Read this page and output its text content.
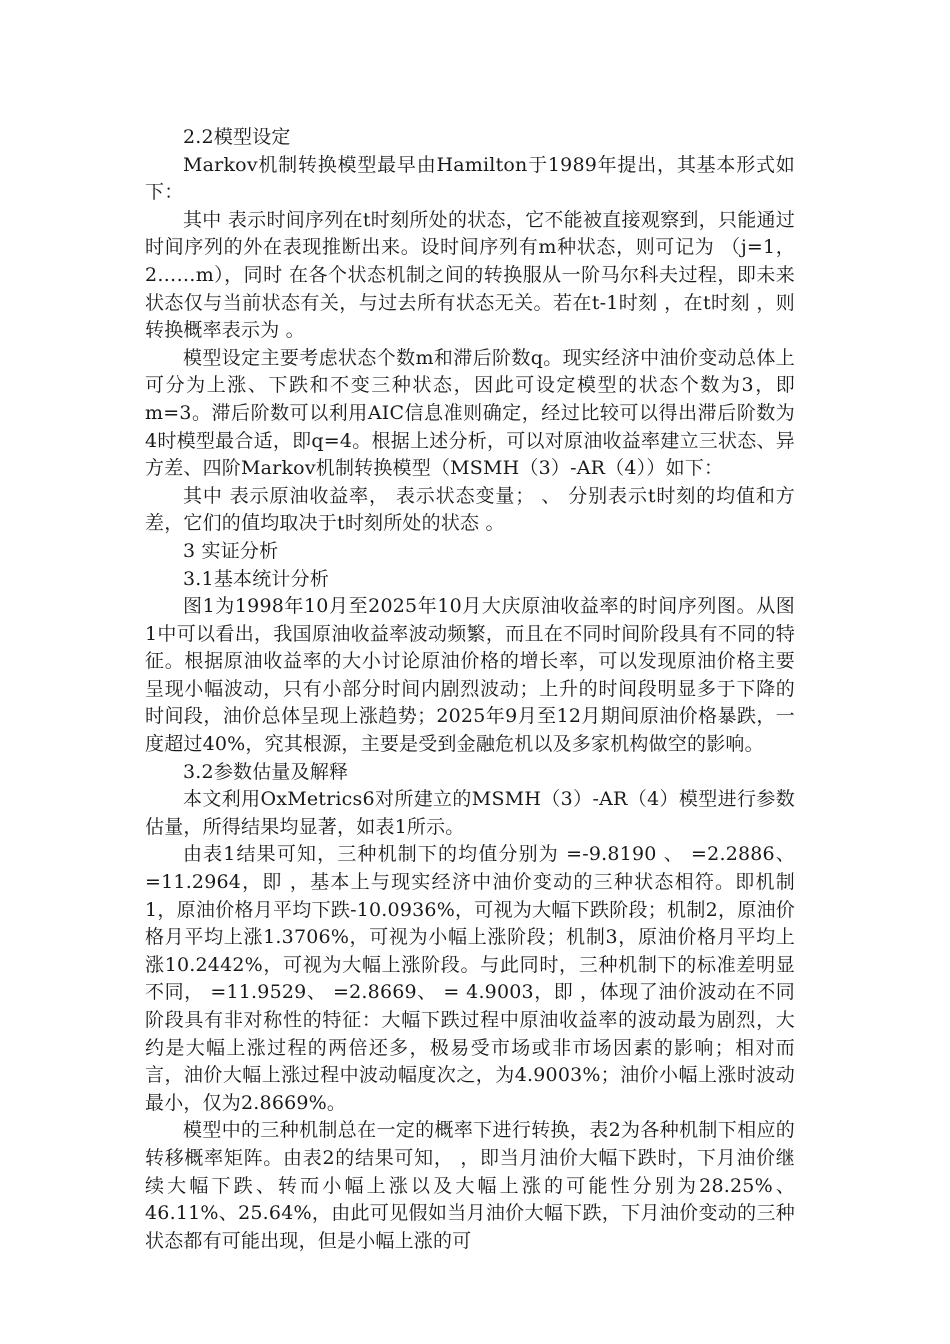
2.2模型设定

Markov机制转换模型最早由Hamilton于1989年提出，其基本形式如下：

其中 表示时间序列在t时刻所处的状态，它不能被直接观察到，只能通过时间序列的外在表现推断出来。设时间序列有m种状态，则可记为 （j=1，2……m），同时 在各个状态机制之间的转换服从一阶马尔科夫过程，即未来状态仅与当前状态有关，与过去所有状态无关。若在t-1时刻 ，在t时刻 ，则转换概率表示为 。

模型设定主要考虑状态个数m和滞后阶数q。现实经济中油价变动总体上可分为上涨、下跌和不变三种状态，因此可设定模型的状态个数为3，即m=3。滞后阶数可以利用AIC信息准则确定，经过比较可以得出滞后阶数为4时模型最合适，即q=4。根据上述分析，可以对原油收益率建立三状态、异方差、四阶Markov机制转换模型（MSMH（3）-AR（4））如下：

其中 表示原油收益率， 表示状态变量； 、 分别表示t时刻的均值和方差，它们的值均取决于t时刻所处的状态 。

3 实证分析

3.1基本统计分析

图1为1998年10月至2025年10月大庆原油收益率的时间序列图。从图1中可以看出，我国原油收益率波动频繁，而且在不同时间阶段具有不同的特征。根据原油收益率的大小讨论原油价格的增长率，可以发现原油价格主要呈现小幅波动，只有小部分时间内剧烈波动；上升的时间段明显多于下降的时间段，油价总体呈现上涨趋势；2025年9月至12月期间原油价格暴跌，一度超过40%，究其根源，主要是受到金融危机以及多家机构做空的影响。

3.2参数估量及解释

本文利用OxMetrics6对所建立的MSMH（3）-AR（4）模型进行参数估量，所得结果均显著，如表1所示。

由表1结果可知，三种机制下的均值分别为 =-9.8190 、 =2.2886、 =11.2964，即 ，基本上与现实经济中油价变动的三种状态相符。即机制1，原油价格月平均下跌-10.0936%，可视为大幅下跌阶段；机制2，原油价格月平均上涨1.3706%，可视为小幅上涨阶段；机制3，原油价格月平均上涨10.2442%，可视为大幅上涨阶段。与此同时，三种机制下的标准差明显不同， =11.9529、 =2.8669、 = 4.9003，即 ，体现了油价波动在不同阶段具有非对称性的特征：大幅下跌过程中原油收益率的波动最为剧烈，大约是大幅上涨过程的两倍还多，极易受市场或非市场因素的影响；相对而言，油价大幅上涨过程中波动幅度次之，为4.9003%；油价小幅上涨时波动最小，仅为2.8669%。

模型中的三种机制总在一定的概率下进行转换，表2为各种机制下相应的转移概率矩阵。由表2的结果可知， ，即当月油价大幅下跌时，下月油价继续大幅下跌、转而小幅上涨以及大幅上涨的可能性分别为28.25%、46.11%、25.64%，由此可见假如当月油价大幅下跌，下月油价变动的三种状态都有可能出现，但是小幅上涨的可
